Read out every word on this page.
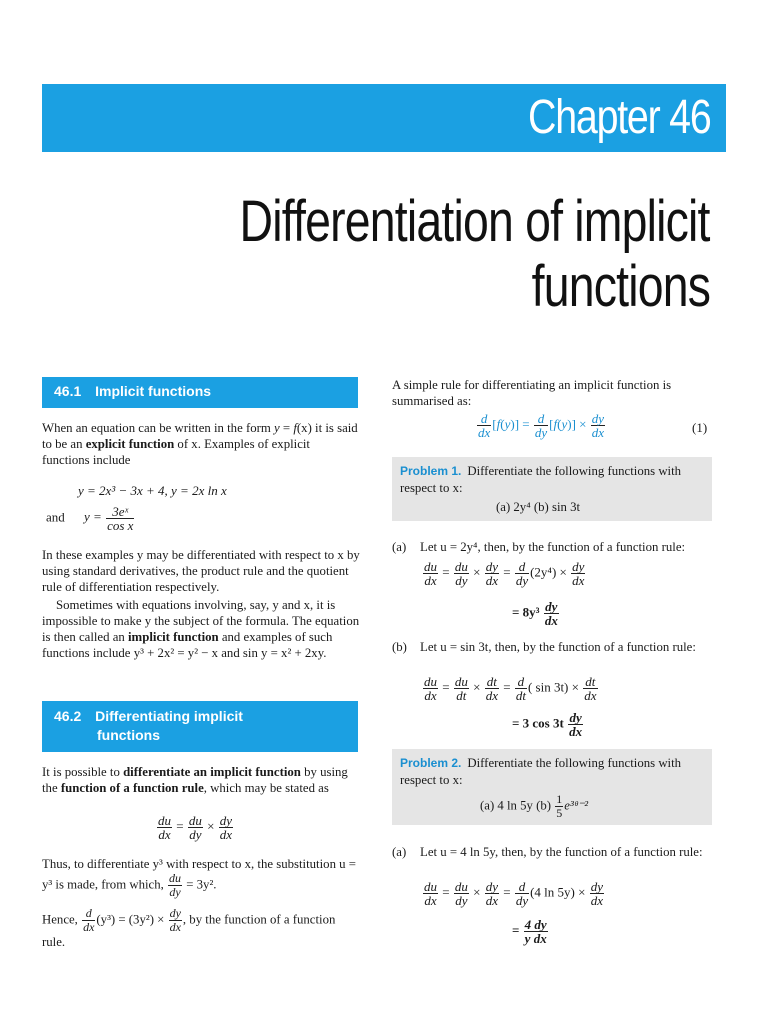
Chapter 46
Differentiation of implicit
functions
46.1 Implicit functions
When an equation can be written in the form y = f(x) it is said to be an explicit function of x. Examples of explicit functions include
y = 2x³ − 3x + 4, y = 2x ln x
and $y = \frac{\text{3eˣ}}{\text{cos x}}$
In these examples y may be differentiated with respect to x by using standard derivatives, the product rule and the quotient rule of differentiation respectively.
Sometimes with equations involving, say, y and x, it is impossible to make y the subject of the formula. The equation is then called an implicit function and examples of such functions include y³ + 2x² = y² − x and sin y = x² + 2xy.
46.2 Differentiating implicit
functions
It is possible to differentiate an implicit function by using the function of a function rule, which may be stated as
$\frac{du}{dx} = \frac{du}{dy} \times \frac{dy}{dx}$
Thus, to differentiate y³ with respect to x, the substitution u = y³ is made, from which, $\frac{du}{dy} = 3y^2$.
Hence, $\frac{d}{dx} (y^3) = (3y^2) \times \frac{dy}{dx}$ , by the function of a function rule.
A simple rule for differentiating an implicit function is summarised as:
$\frac{d}{dx} [f(y)] = \frac{d}{dy} [f(y)] \times \frac{dy}{dx}$	(1)
Problem 1. Differentiate the following functions with respect to x:
(a) 2y⁴ (b) sin 3t
(a) Let u = 2y⁴, then, by the function of a function rule:
$\frac{du}{dx} = \frac{du}{dy} \times \frac{dy}{dx} = \frac{d}{dy} (2y^4) \times \frac{dy}{dx}$
= $8y^3 \frac{dy}{dx}$
(b) Let u = sin 3t, then, by the function of a function rule:
$\frac{du}{dx} = \frac{du}{dt} \times \frac{dt}{dx} = \frac{d}{dt}$ ( $\sin 3t) \times \frac{dt}{dx}$
= 3 $\cos 3t \frac{dy}{dx}$
Problem 2. Differentiate the following functions with respect to x:
(a) 4 ln 5y $(b) \frac{1}{5}$ e³ᶿ⁻²
(a) Let u = 4 ln 5y, then, by the function of a function rule:
$\frac{du}{dx} = \frac{du}{dy} \times \frac{dy}{dx} = \frac{d}{dy} (4$ $\ln 5y) \times \frac{dy}{dx}$
= $\frac{4 dy}{\text{y dx}}$
